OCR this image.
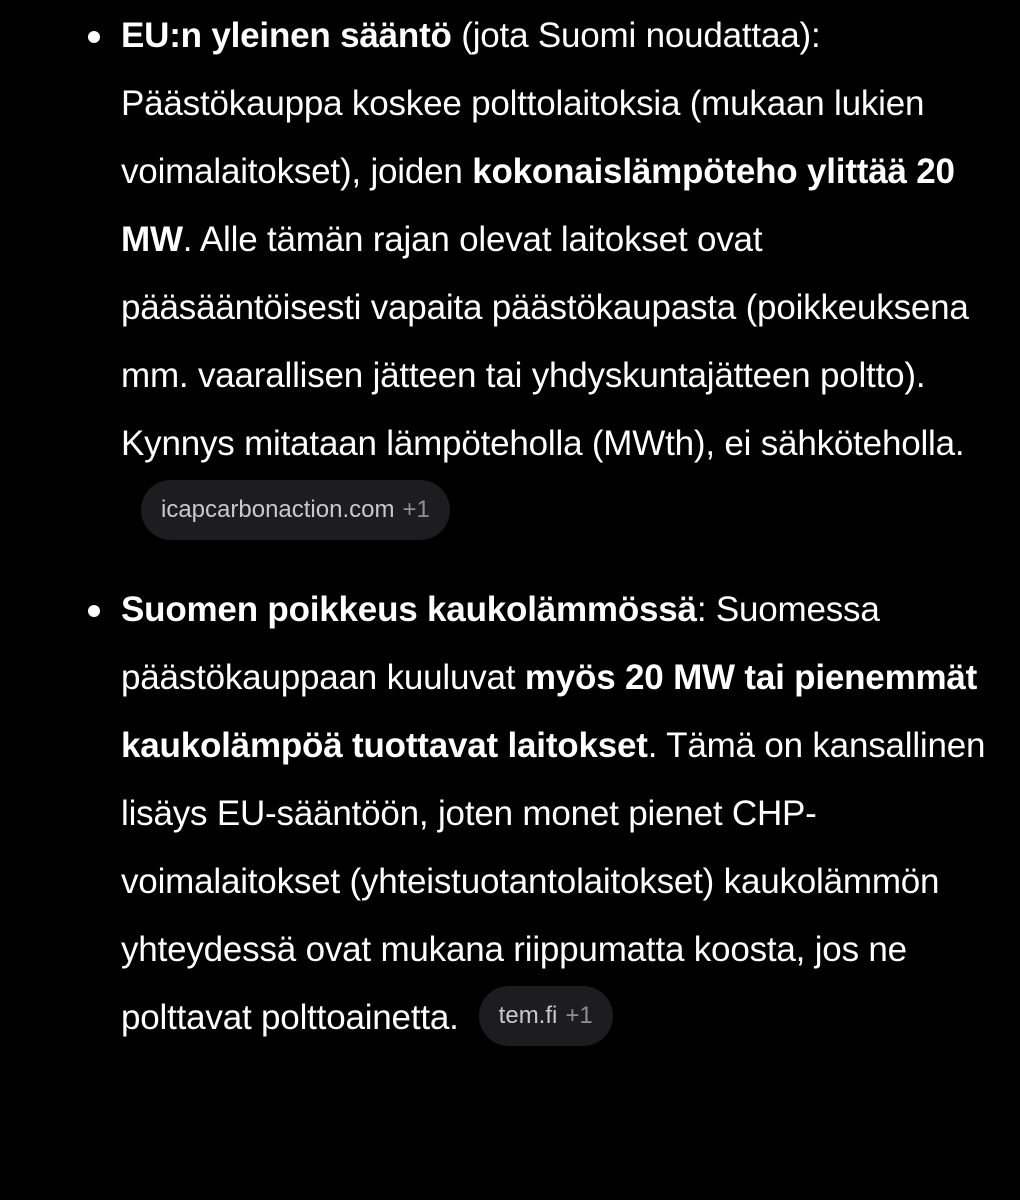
EU:n yleinen sääntö (jota Suomi noudattaa): Päästökauppa koskee polttolaitoksia (mukaan lukien voimalaitokset), joiden kokonaislämpöteho ylittää 20 MW. Alle tämän rajan olevat laitokset ovat pääsääntöisesti vapaita päästökaupasta (poikkeuksena mm. vaarallisen jätteen tai yhdyskuntajätteen poltto). Kynnys mitataan lämpöteholla (MWth), ei sähköteholla.icapcarbonaction.com +1
Suomen poikkeus kaukolämmössä: Suomessa päästökauppaan kuuluvat myös 20 MW tai pienemmät kaukolämpöä tuottavat laitokset. Tämä on kansallinen lisäys EU-sääntöön, joten monet pienet CHP-voimalaitokset (yhteistuotantolaitokset) kaukolämmön yhteydessä ovat mukana riippumatta koosta, jos ne polttavat polttoainetta. tem.fi +1
